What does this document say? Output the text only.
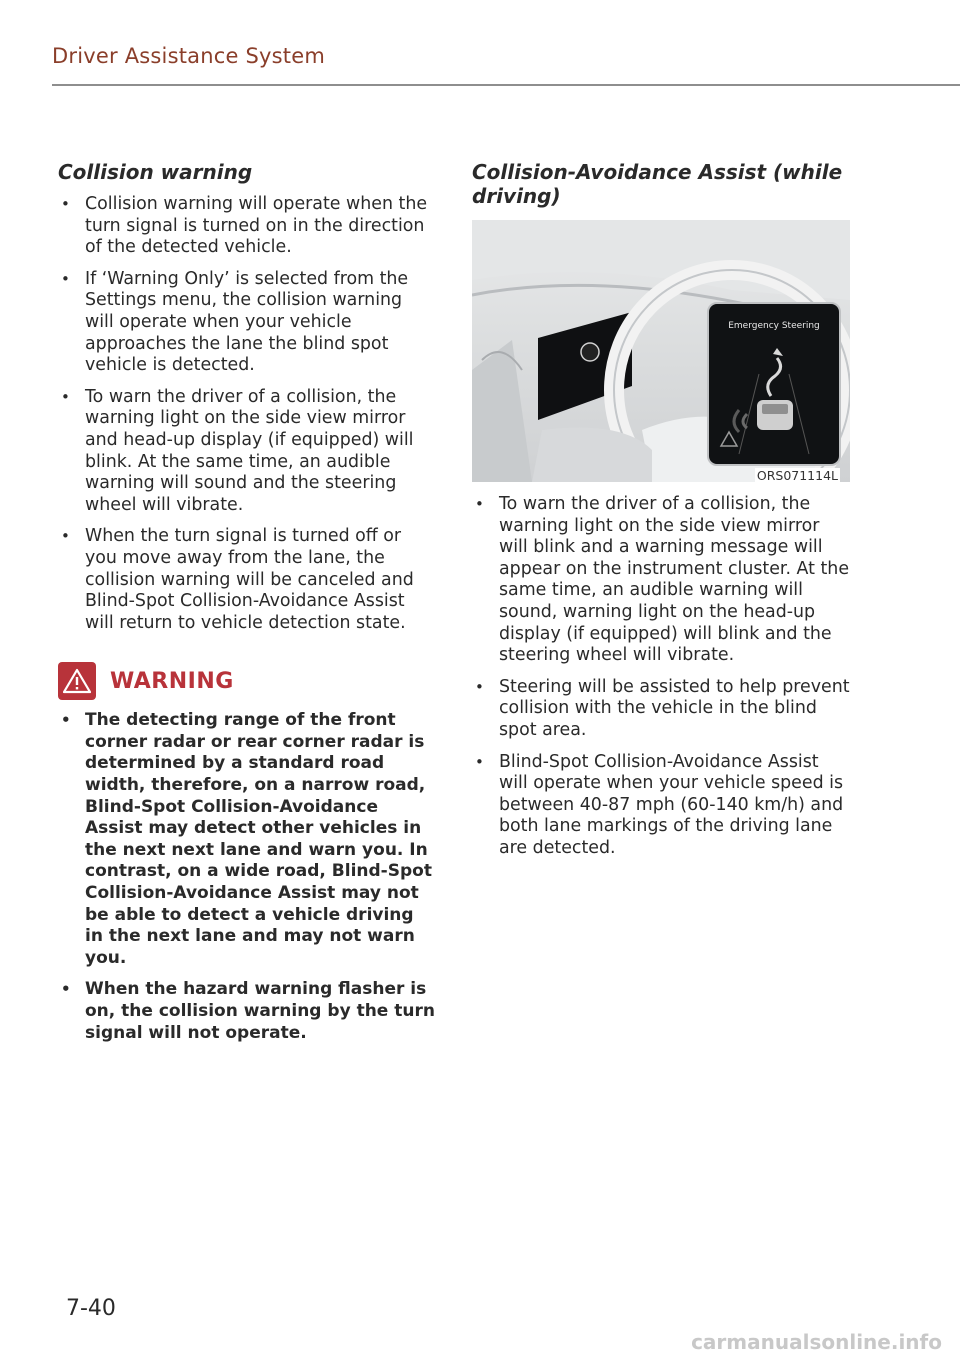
Driver Assistance System
Collision warning
• Collision warning will operate when the turn signal is turned on in the direction of the detected vehicle.
• If ‘Warning Only’ is selected from the Settings menu, the collision warning will operate when your vehicle approaches the lane the blind spot vehicle is detected.
• To warn the driver of a collision, the warning light on the side view mirror and head-up display (if equipped) will blink. At the same time, an audible warning will sound and the steering wheel will vibrate.
• When the turn signal is turned off or you move away from the lane, the collision warning will be canceled and Blind-Spot Collision-Avoidance Assist will return to vehicle detection state.
WARNING
• The detecting range of the front corner radar or rear corner radar is determined by a standard road width, therefore, on a narrow road, Blind-Spot Collision-Avoidance Assist may detect other vehicles in the next next lane and warn you. In contrast, on a wide road, Blind-Spot Collision-Avoidance Assist may not be able to detect a vehicle driving in the next lane and may not warn you.
• When the hazard warning flasher is on, the collision warning by the turn signal will not operate.
Collision-Avoidance Assist (while driving)
Emergency Steering
ORS071114L
• To warn the driver of a collision, the warning light on the side view mirror will blink and a warning message will appear on the instrument cluster. At the same time, an audible warning will sound, warning light on the head-up display (if equipped) will blink and the steering wheel will vibrate.
• Steering will be assisted to help prevent collision with the vehicle in the blind spot area.
• Blind-Spot Collision-Avoidance Assist will operate when your vehicle speed is between 40-87 mph (60-140 km/h) and both lane markings of the driving lane are detected.
7-40
carmanualsonline.info
